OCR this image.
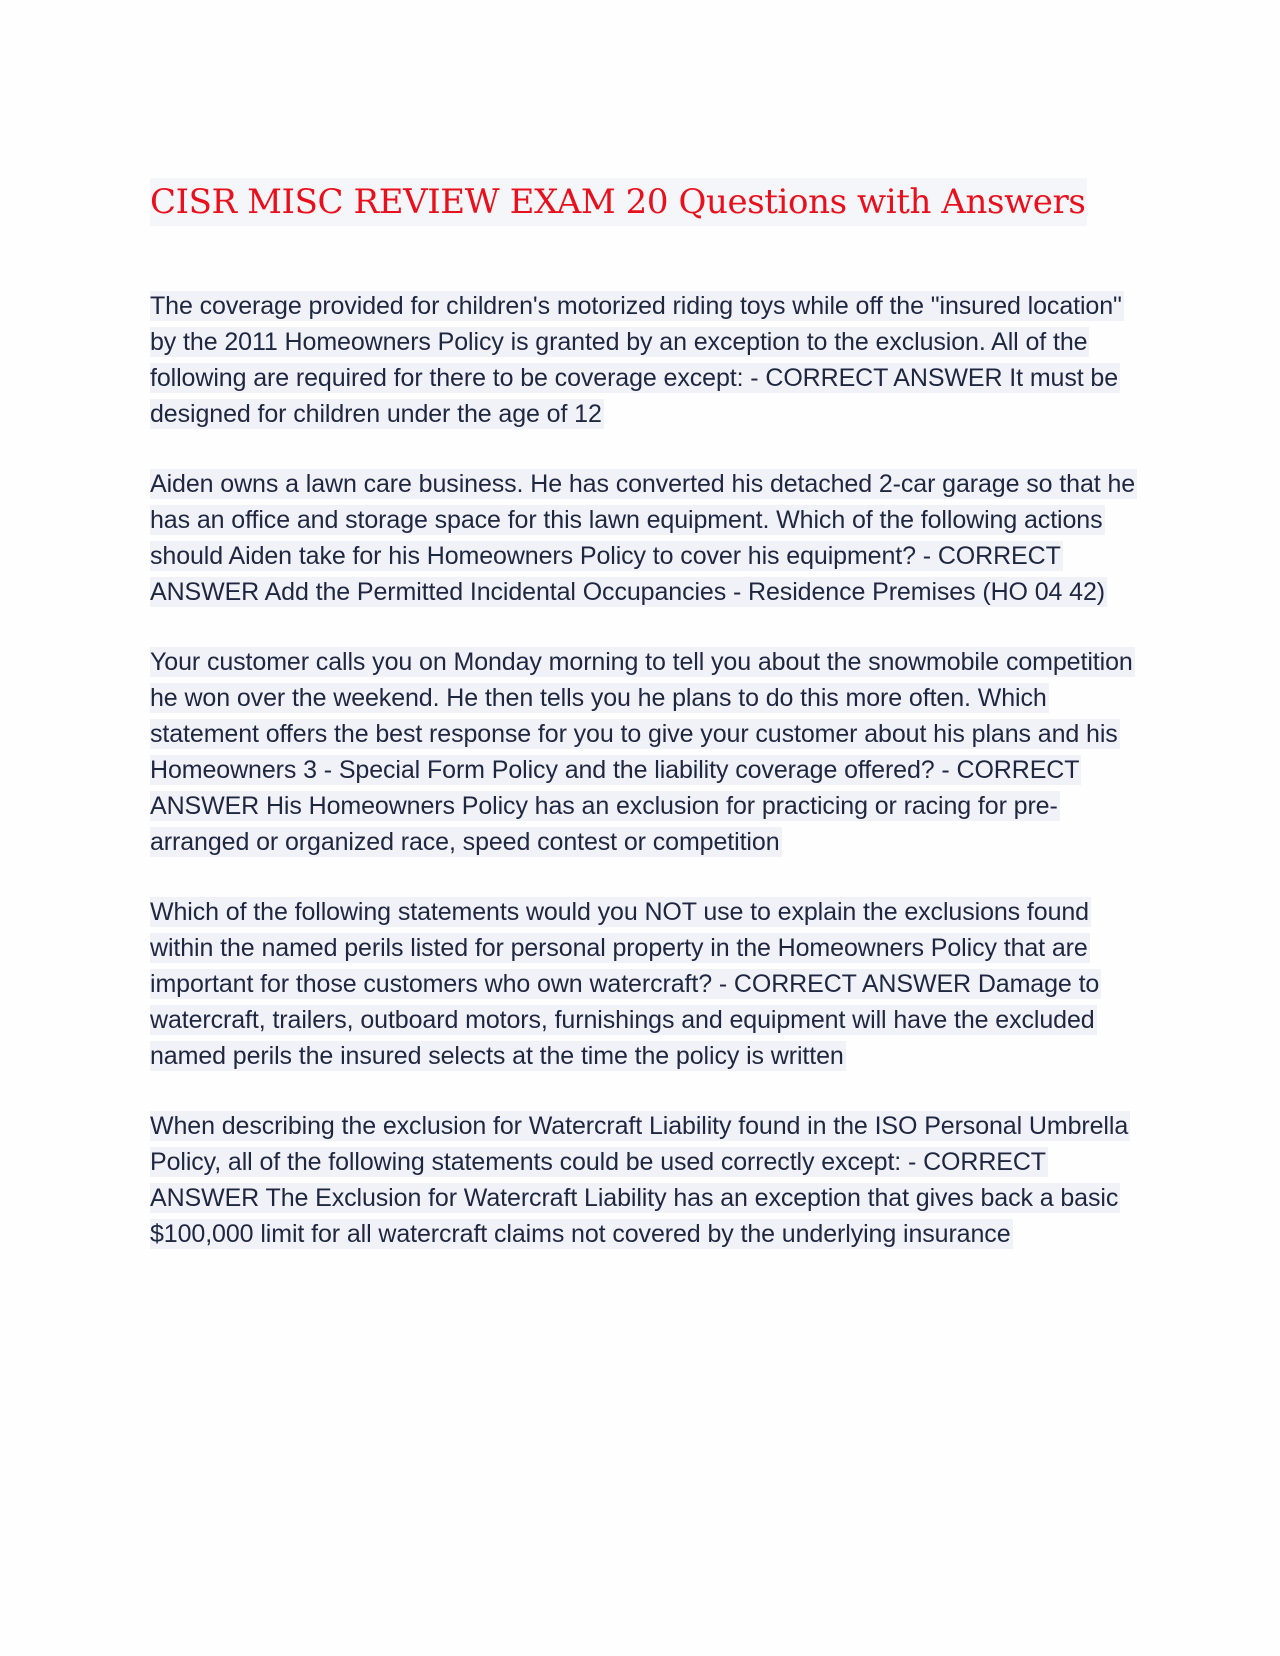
CISR MISC REVIEW EXAM 20 Questions with Answers

The coverage provided for children's motorized riding toys while off the "insured location" by the 2011 Homeowners Policy is granted by an exception to the exclusion. All of the following are required for there to be coverage except: - CORRECT ANSWER It must be designed for children under the age of 12

Aiden owns a lawn care business. He has converted his detached 2-car garage so that he has an office and storage space for this lawn equipment. Which of the following actions should Aiden take for his Homeowners Policy to cover his equipment? - CORRECT ANSWER Add the Permitted Incidental Occupancies - Residence Premises (HO 04 42)

Your customer calls you on Monday morning to tell you about the snowmobile competition he won over the weekend. He then tells you he plans to do this more often. Which statement offers the best response for you to give your customer about his plans and his Homeowners 3 - Special Form Policy and the liability coverage offered? - CORRECT ANSWER His Homeowners Policy has an exclusion for practicing or racing for pre-arranged or organized race, speed contest or competition

Which of the following statements would you NOT use to explain the exclusions found within the named perils listed for personal property in the Homeowners Policy that are important for those customers who own watercraft? - CORRECT ANSWER Damage to watercraft, trailers, outboard motors, furnishings and equipment will have the excluded named perils the insured selects at the time the policy is written

When describing the exclusion for Watercraft Liability found in the ISO Personal Umbrella Policy, all of the following statements could be used correctly except: - CORRECT ANSWER The Exclusion for Watercraft Liability has an exception that gives back a basic $100,000 limit for all watercraft claims not covered by the underlying insurance
